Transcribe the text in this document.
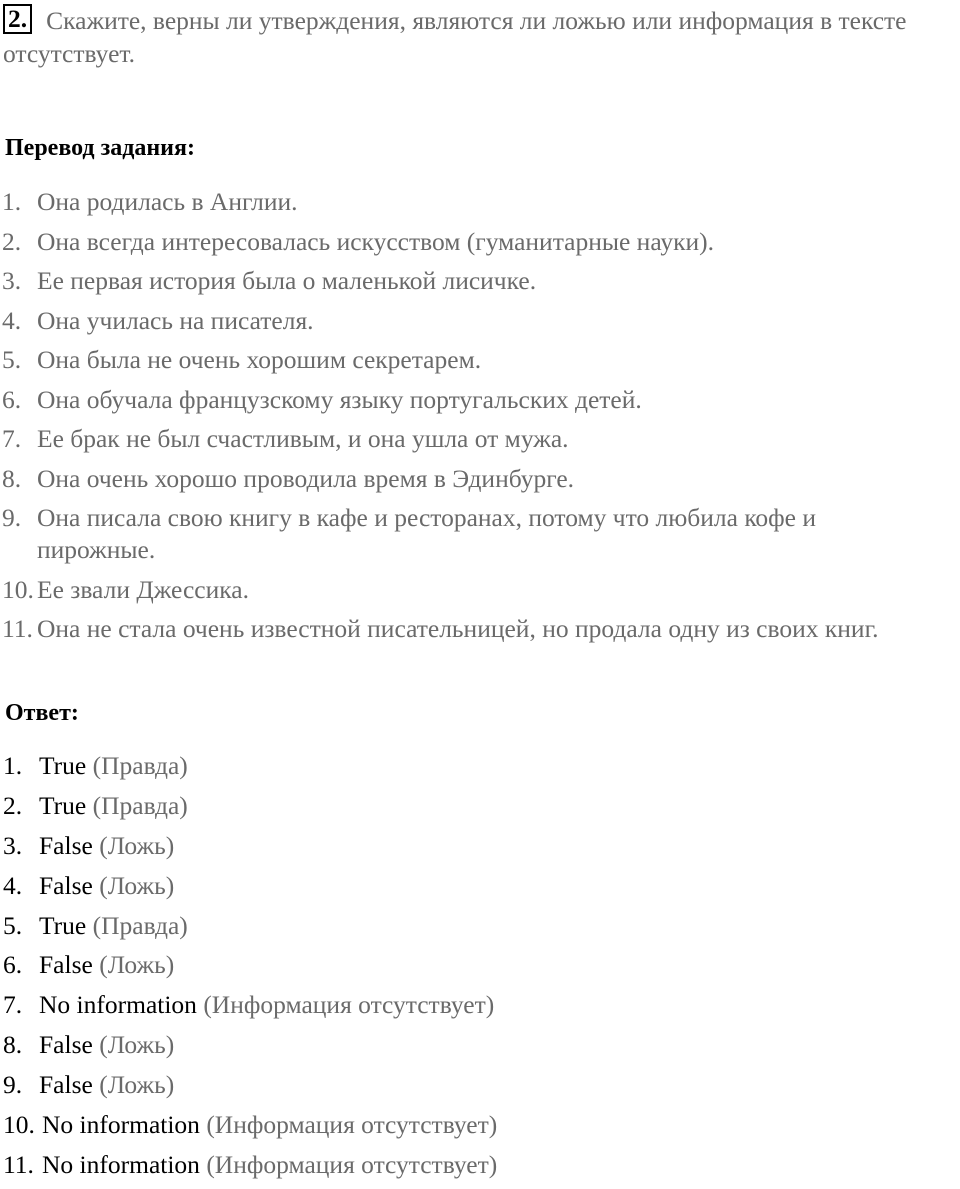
2. Скажите, верны ли утверждения, являются ли ложью или информация в тексте отсутствует.
Перевод задания:
1. Она родилась в Англии.
2. Она всегда интересовалась искусством (гуманитарные науки).
3. Ее первая история была о маленькой лисичке.
4. Она училась на писателя.
5. Она была не очень хорошим секретарем.
6. Она обучала французскому языку португальских детей.
7. Ее брак не был счастливым, и она ушла от мужа.
8. Она очень хорошо проводила время в Эдинбурге.
9. Она писала свою книгу в кафе и ресторанах, потому что любила кофе и пирожные.
10. Ее звали Джессика.
11. Она не стала очень известной писательницей, но продала одну из своих книг.
Ответ:
1. True (Правда)
2. True (Правда)
3. False (Ложь)
4. False (Ложь)
5. True (Правда)
6. False (Ложь)
7. No information (Информация отсутствует)
8. False (Ложь)
9. False (Ложь)
10. No information (Информация отсутствует)
11. No information (Информация отсутствует)
